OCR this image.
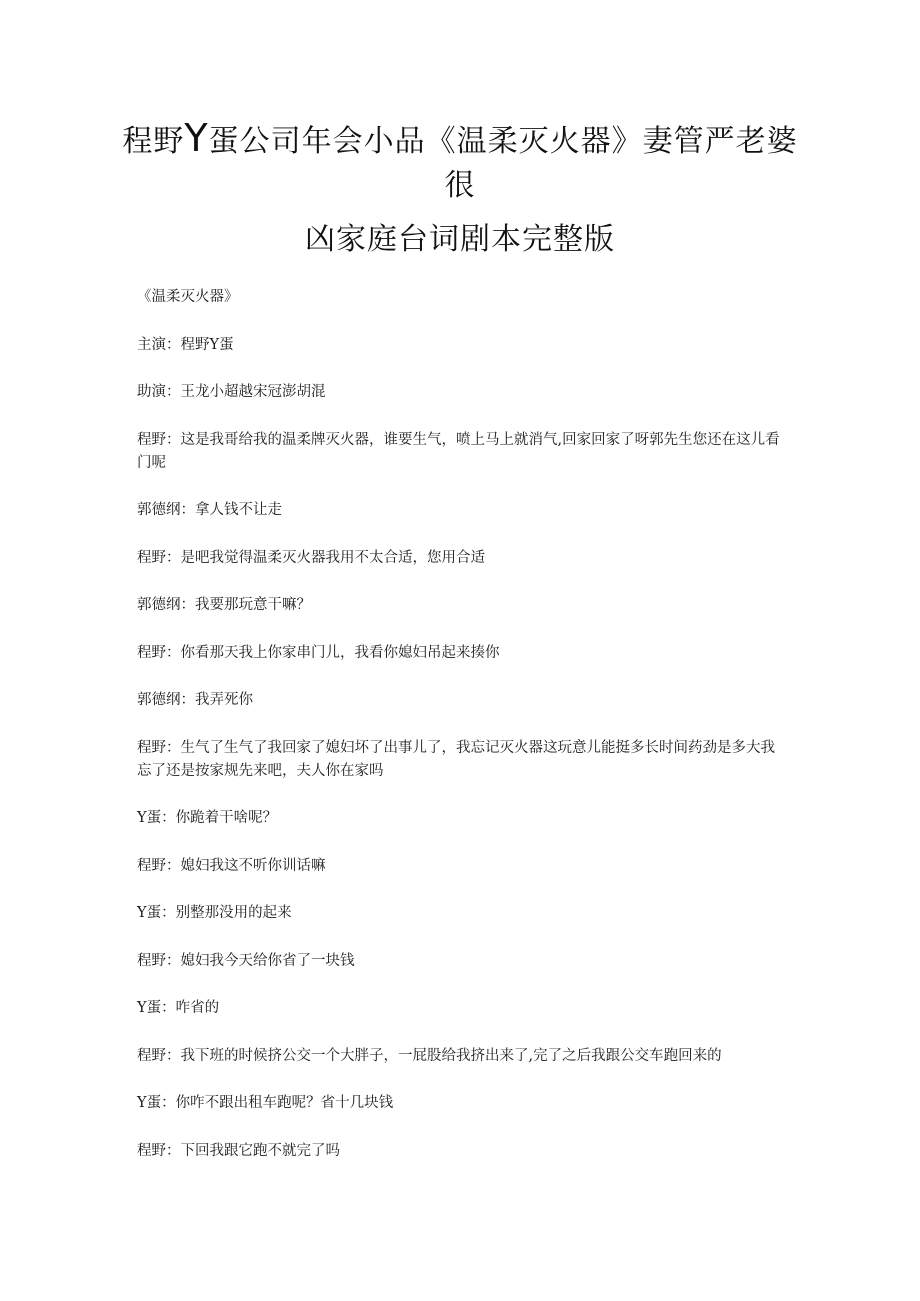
程野Y蛋公司年会小品《温柔灭火器》妻管严老婆
很
凶家庭台词剧本完整版

《温柔灭火器》

主演：程野Y蛋

助演：王龙小超越宋冠澎胡混

程野：这是我哥给我的温柔牌灭火器，谁要生气，喷上马上就消气,回家回家了呀郭先生您还在这儿看门呢

郭德纲：拿人钱不让走

程野：是吧我觉得温柔灭火器我用不太合适，您用合适

郭德纲：我要那玩意干嘛？

程野：你看那天我上你家串门儿，我看你媳妇吊起来揍你

郭德纲：我弄死你

程野：生气了生气了我回家了媳妇坏了出事儿了，我忘记灭火器这玩意儿能挺多长时间药劲是多大我忘了还是按家规先来吧，夫人你在家吗

Y蛋：你跪着干啥呢？

程野：媳妇我这不听你训话嘛

Y蛋：别整那没用的起来

程野：媳妇我今天给你省了一块钱

Y蛋：咋省的

程野：我下班的时候挤公交一个大胖子，一屁股给我挤出来了,完了之后我跟公交车跑回来的

Y蛋：你咋不跟出租车跑呢？省十几块钱

程野：下回我跟它跑不就完了吗
